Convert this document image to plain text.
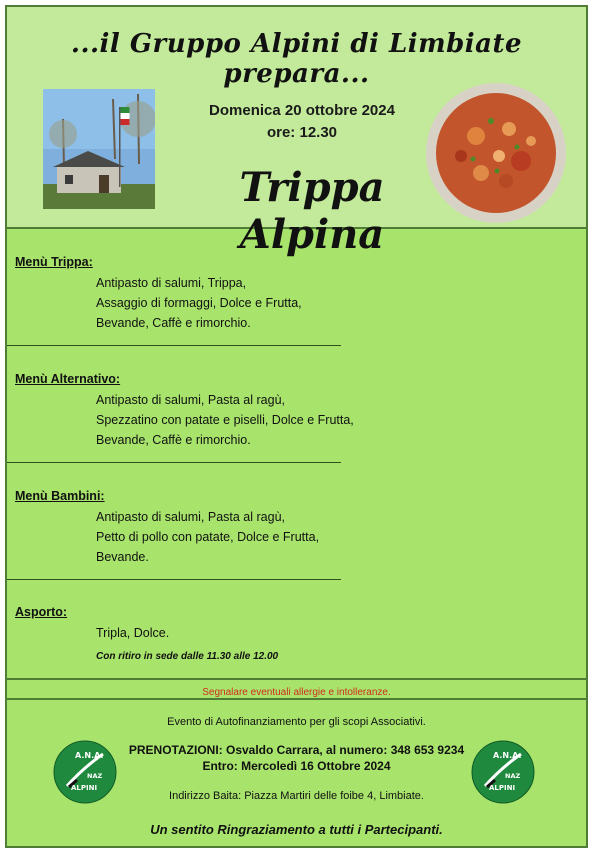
...il Gruppo Alpini di Limbiate prepara...
Domenica 20 ottobre 2024
ore: 12.30
Trippa Alpina
Menù Trippa:
Antipasto di salumi, Trippa,
Assaggio di formaggi, Dolce e Frutta,
Bevande, Caffè e rimorchio.
Menù Alternativo:
Antipasto di salumi, Pasta al ragù,
Spezzatino con patate e piselli, Dolce e Frutta,
Bevande, Caffè e rimorchio.
Menù Bambini:
Antipasto di salumi, Pasta al ragù,
Petto di pollo con patate, Dolce e Frutta,
Bevande.
Asporto:
Tripla, Dolce.
Con ritiro in sede dalle 11.30 alle 12.00
Segnalare eventuali allergie e intolleranze.
Evento di Autofinanziamento per gli scopi Associativi.
PRENOTAZIONI: Osvaldo Carrara, al numero: 348 653 9234
Entro: Mercoledì 16 Ottobre 2024
Indirizzo Baita: Piazza Martiri delle foibe 4, Limbiate.
Un sentito Ringraziamento a tutti i Partecipanti.
A.N.A.
NAZ
ALPINI
A.N.A.
NAZ
ALPINI
